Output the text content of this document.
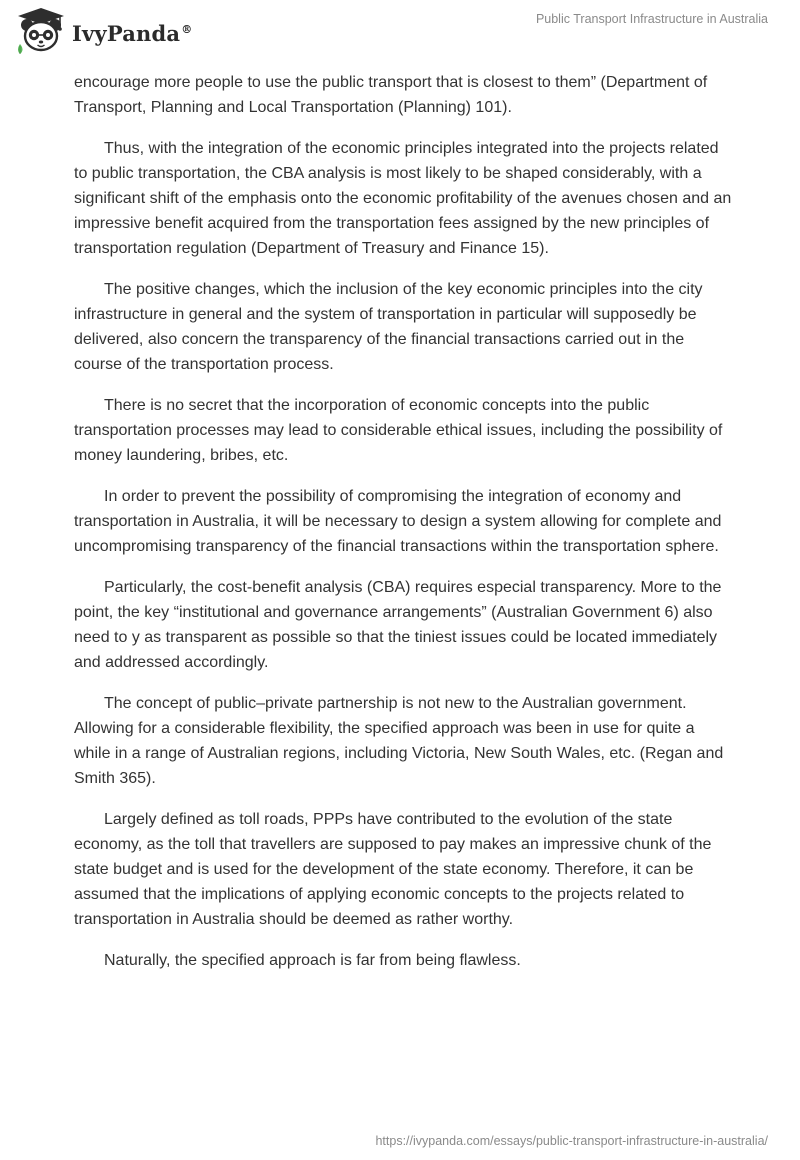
IvyPanda®
Public Transport Infrastructure in Australia

encourage more people to use the public transport that is closest to them” (Department of Transport, Planning and Local Transportation (Planning) 101).

Thus, with the integration of the economic principles integrated into the projects related to public transportation, the CBA analysis is most likely to be shaped considerably, with a significant shift of the emphasis onto the economic profitability of the avenues chosen and an impressive benefit acquired from the transportation fees assigned by the new principles of transportation regulation (Department of Treasury and Finance 15).

The positive changes, which the inclusion of the key economic principles into the city infrastructure in general and the system of transportation in particular will supposedly be delivered, also concern the transparency of the financial transactions carried out in the course of the transportation process.

There is no secret that the incorporation of economic concepts into the public transportation processes may lead to considerable ethical issues, including the possibility of money laundering, bribes, etc.

In order to prevent the possibility of compromising the integration of economy and transportation in Australia, it will be necessary to design a system allowing for complete and uncompromising transparency of the financial transactions within the transportation sphere.

Particularly, the cost-benefit analysis (CBA) requires especial transparency. More to the point, the key “institutional and governance arrangements” (Australian Government 6) also need to y as transparent as possible so that the tiniest issues could be located immediately and addressed accordingly.

The concept of public–private partnership is not new to the Australian government. Allowing for a considerable flexibility, the specified approach was been in use for quite a while in a range of Australian regions, including Victoria, New South Wales, etc. (Regan and Smith 365).

Largely defined as toll roads, PPPs have contributed to the evolution of the state economy, as the toll that travellers are supposed to pay makes an impressive chunk of the state budget and is used for the development of the state economy. Therefore, it can be assumed that the implications of applying economic concepts to the projects related to transportation in Australia should be deemed as rather worthy.

Naturally, the specified approach is far from being flawless.

https://ivypanda.com/essays/public-transport-infrastructure-in-australia/
